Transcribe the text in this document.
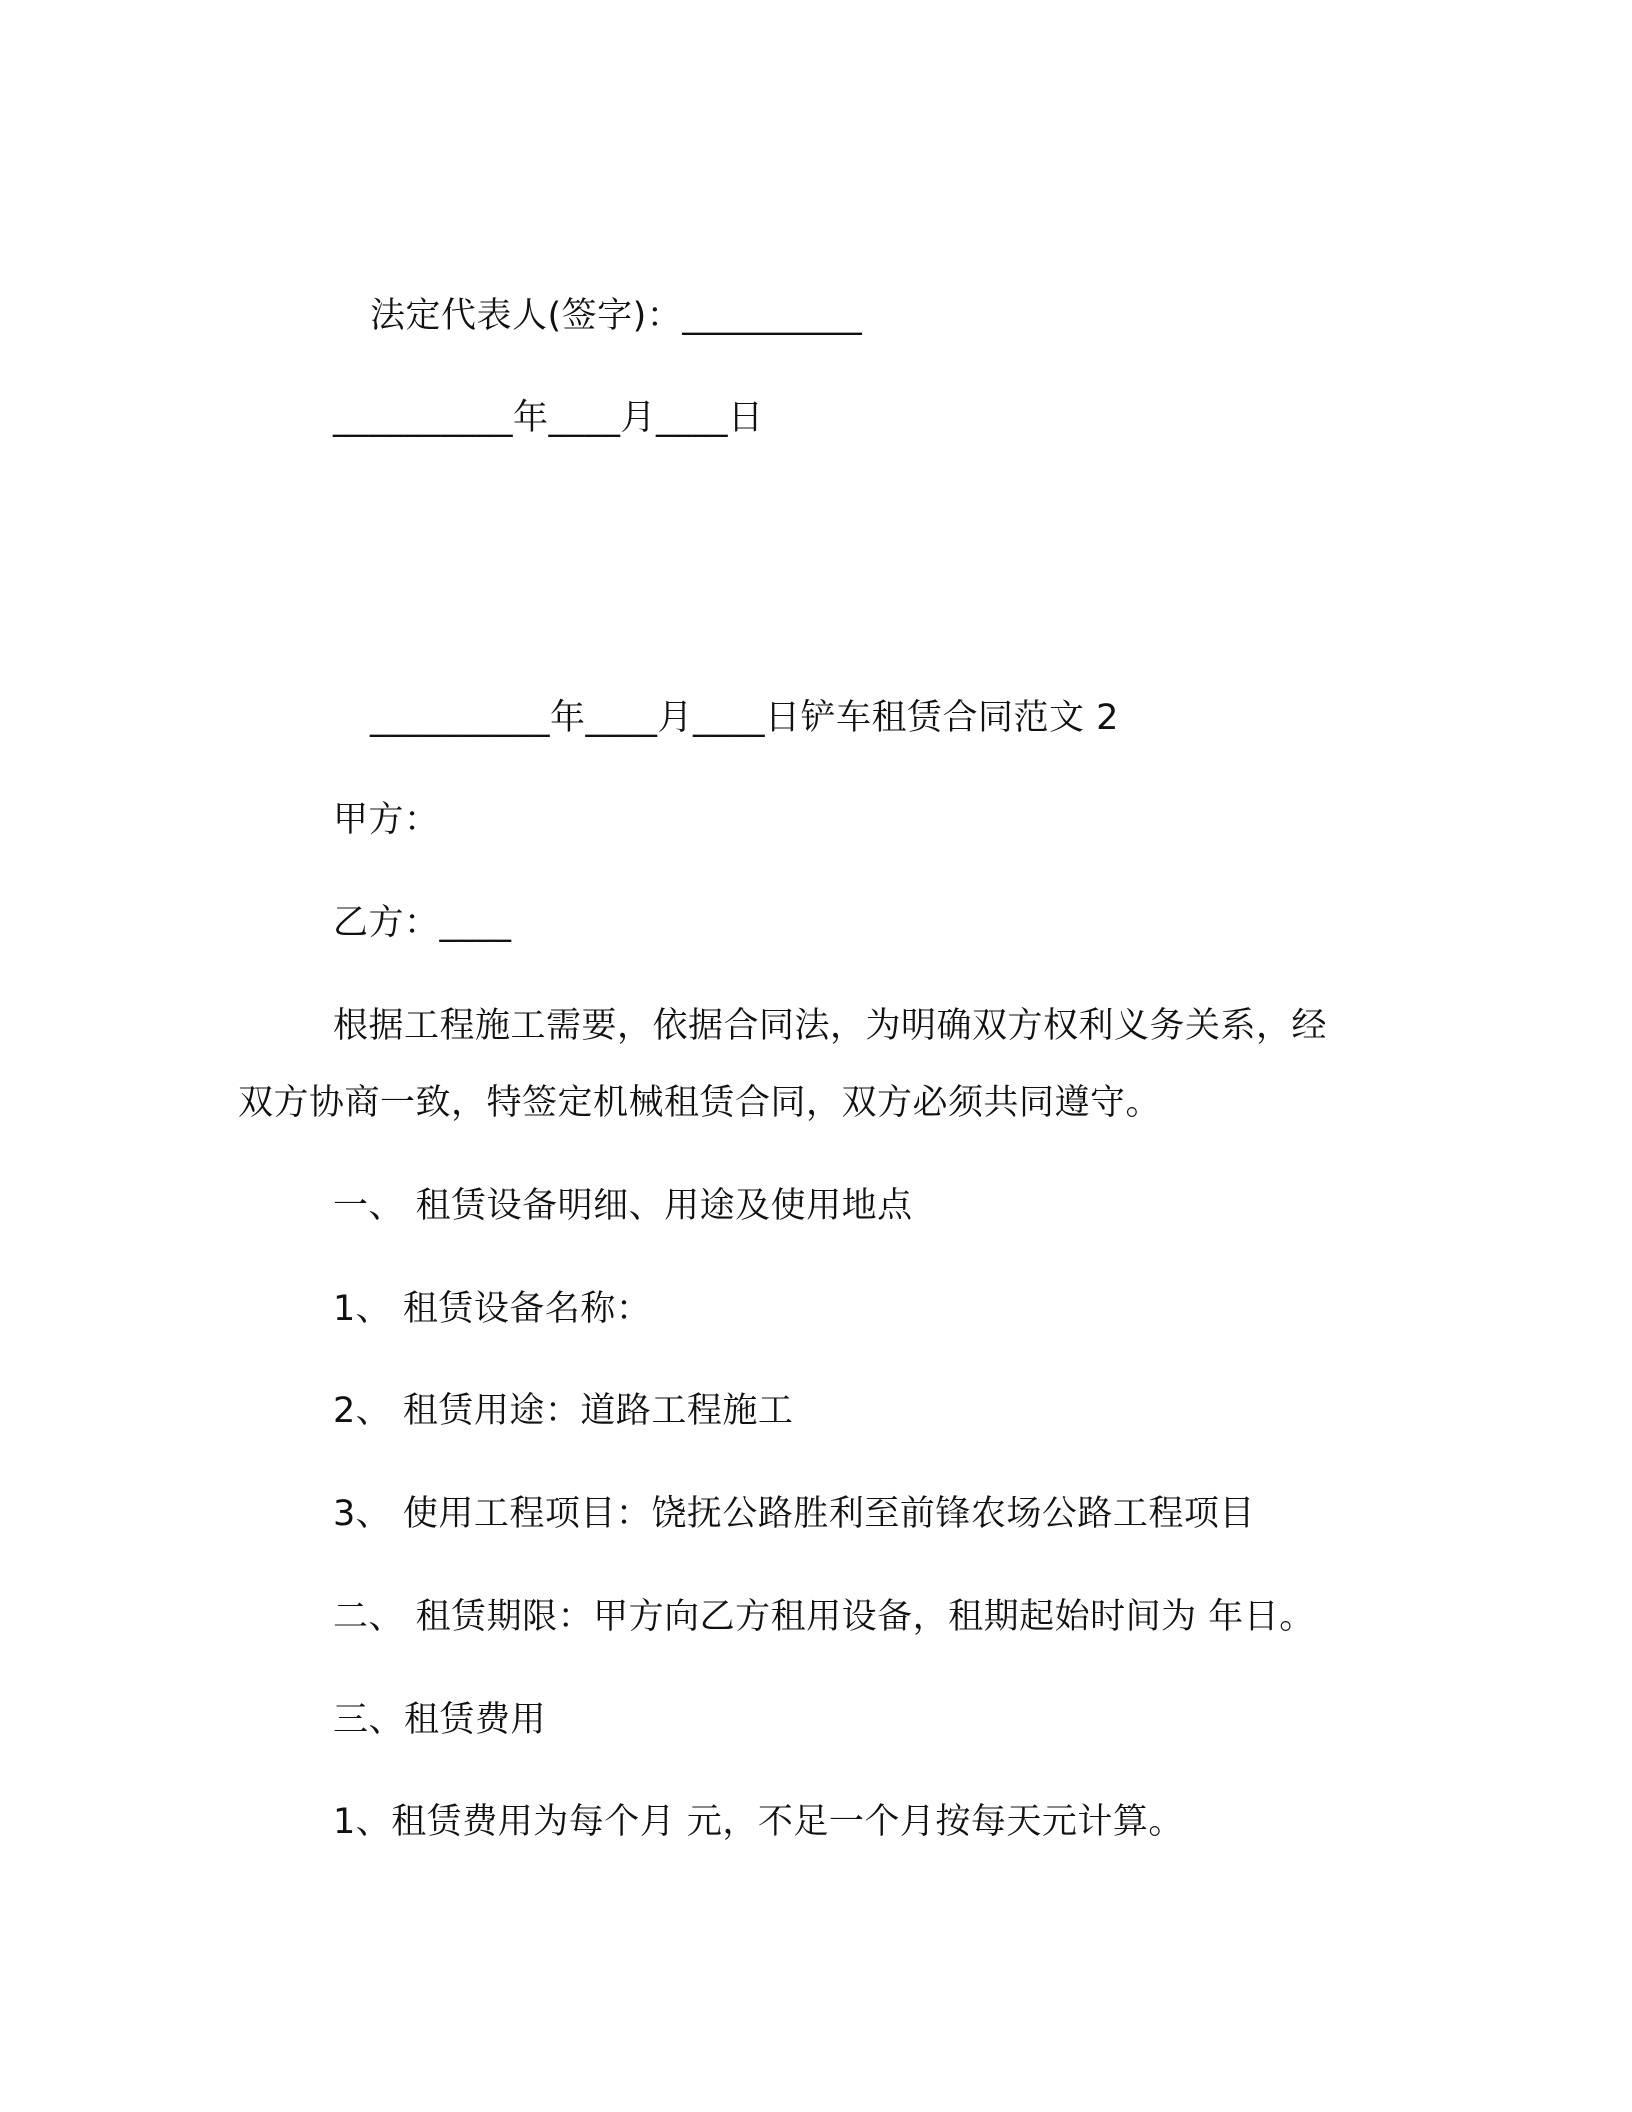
法定代表人(签字)：__________
__________年____月____日
__________年____月____日铲车租赁合同范文 2
甲方：
乙方：____
根据工程施工需要，依据合同法，为明确双方权利义务关系，经
双方协商一致，特签定机械租赁合同，双方必须共同遵守。
一、 租赁设备明细、用途及使用地点
1、 租赁设备名称：
2、 租赁用途：道路工程施工
3、 使用工程项目：饶抚公路胜利至前锋农场公路工程项目
二、 租赁期限：甲方向乙方租用设备，租期起始时间为 年日。
三、租赁费用
1、租赁费用为每个月 元，不足一个月按每天元计算。
